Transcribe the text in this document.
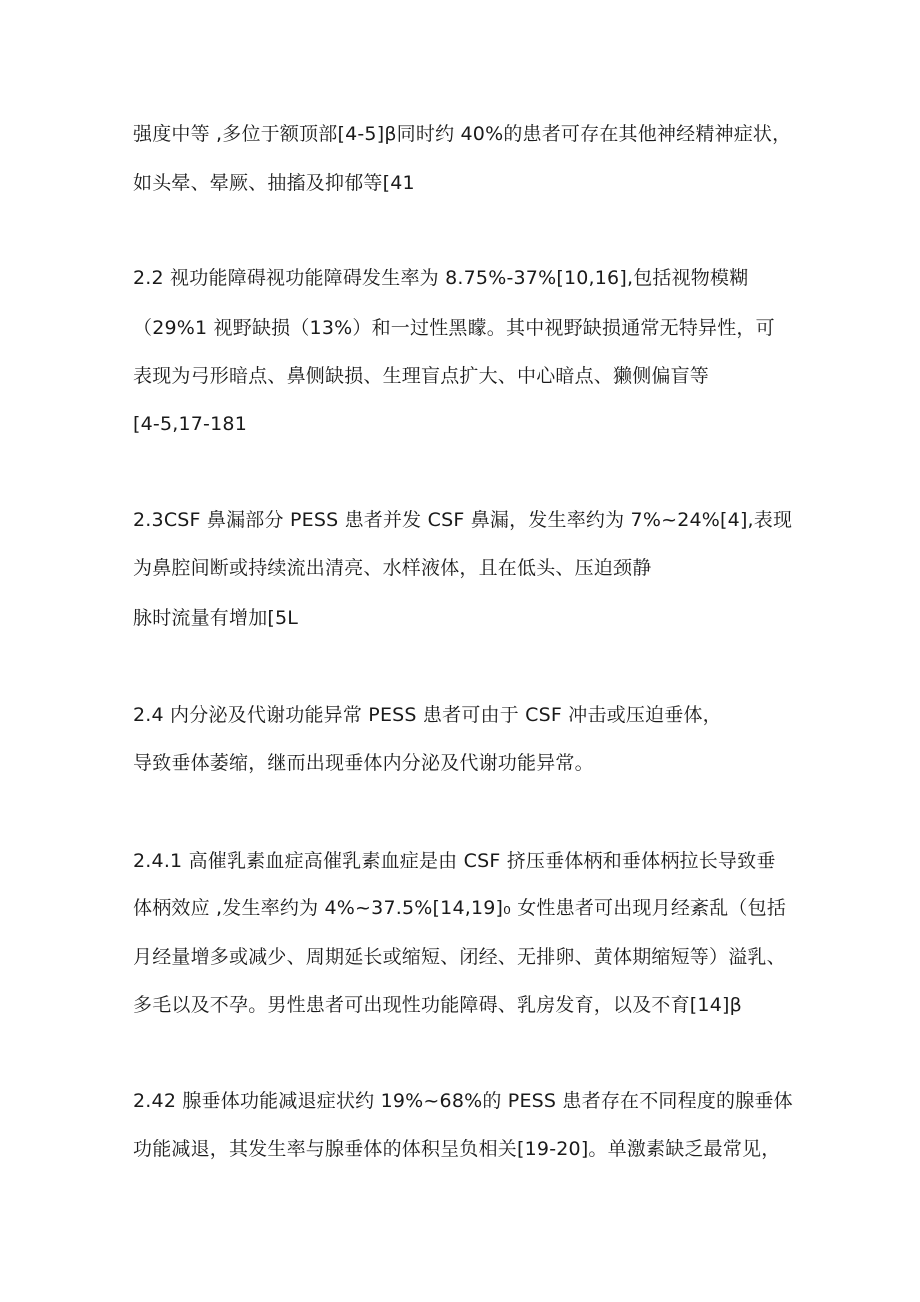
强度中等 ,多位于额顶部[4-5]β同时约 40%的患者可存在其他神经精神症状，
如头晕、晕厥、抽搐及抑郁等[41
2.2 视功能障碍视功能障碍发生率为 8.75%-37%[10,16],包括视物模糊
（29%1 视野缺损（13%）和一过性黑矇。其中视野缺损通常无特异性，可
表现为弓形暗点、鼻侧缺损、生理盲点扩大、中心暗点、獭侧偏盲等
[4-5,17-181
2.3CSF 鼻漏部分 PESS 患者并发 CSF 鼻漏，发生率约为 7%~24%[4],表现
为鼻腔间断或持续流出清亮、水样液体，且在低头、压迫颈静
脉时流量有增加[5L
2.4 内分泌及代谢功能异常 PESS 患者可由于 CSF 冲击或压迫垂体，
导致垂体萎缩，继而出现垂体内分泌及代谢功能异常。
2.4.1 高催乳素血症高催乳素血症是由 CSF 挤压垂体柄和垂体柄拉长导致垂
体柄效应 ,发生率约为 4%~37.5%[14,19]₀ 女性患者可出现月经紊乱（包括
月经量增多或减少、周期延长或缩短、闭经、无排卵、黄体期缩短等）溢乳、
多毛以及不孕。男性患者可出现性功能障碍、乳房发育，以及不育[14]β
2.42 腺垂体功能减退症状约 19%~68%的 PESS 患者存在不同程度的腺垂体
功能减退，其发生率与腺垂体的体积呈负相关[19-20]。单激素缺乏最常见，
